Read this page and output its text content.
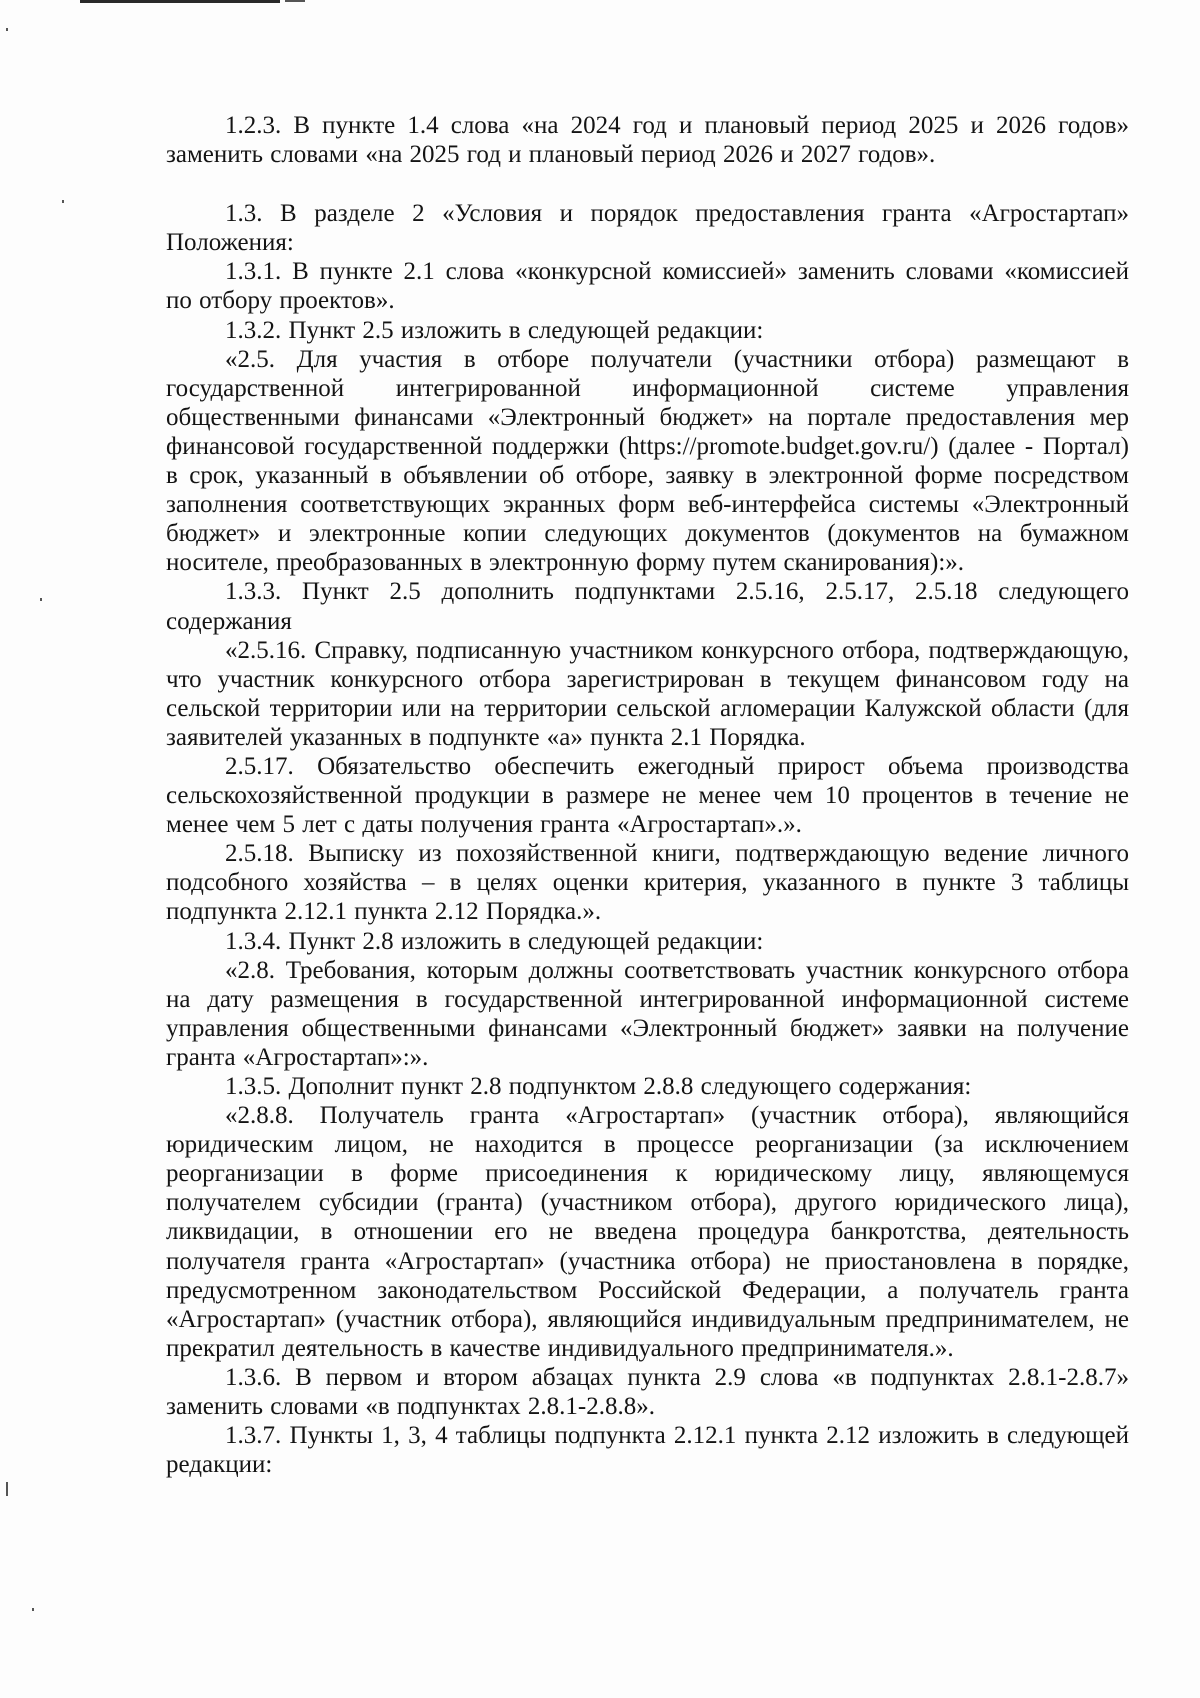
1.2.3. В пункте 1.4 слова «на 2024 год и плановый период 2025 и 2026 годов» заменить словами «на 2025 год и плановый период 2026 и 2027 годов».

1.3. В разделе 2 «Условия и порядок предоставления гранта «Агростартап» Положения:

1.3.1. В пункте 2.1 слова «конкурсной комиссией» заменить словами «комиссией по отбору проектов».

1.3.2. Пункт 2.5 изложить в следующей редакции:

«2.5. Для участия в отборе получатели (участники отбора) размещают в государственной интегрированной информационной системе управления общественными финансами «Электронный бюджет» на портале предоставления мер финансовой государственной поддержки (https://promote.budget.gov.ru/) (далее - Портал) в срок, указанный в объявлении об отборе, заявку в электронной форме посредством заполнения соответствующих экранных форм веб-интерфейса системы «Электронный бюджет» и электронные копии следующих документов (документов на бумажном носителе, преобразованных в электронную форму путем сканирования):».

1.3.3. Пункт 2.5 дополнить подпунктами 2.5.16, 2.5.17, 2.5.18 следующего содержания

«2.5.16. Справку, подписанную участником конкурсного отбора, подтверждающую, что участник конкурсного отбора зарегистрирован в текущем финансовом году на сельской территории или на территории сельской агломерации Калужской области (для заявителей указанных в подпункте «а» пункта 2.1 Порядка.

2.5.17. Обязательство обеспечить ежегодный прирост объема производства сельскохозяйственной продукции в размере не менее чем 10 процентов в течение не менее чем 5 лет с даты получения гранта «Агростартап».».

2.5.18. Выписку из похозяйственной книги, подтверждающую ведение личного подсобного хозяйства – в целях оценки критерия, указанного в пункте 3 таблицы подпункта 2.12.1 пункта 2.12 Порядка.».

1.3.4. Пункт 2.8 изложить в следующей редакции:

«2.8. Требования, которым должны соответствовать участник конкурсного отбора на дату размещения в государственной интегрированной информационной системе управления общественными финансами «Электронный бюджет» заявки на получение гранта «Агростартап»:».

1.3.5. Дополнит пункт 2.8 подпунктом 2.8.8 следующего содержания:

«2.8.8. Получатель гранта «Агростартап» (участник отбора), являющийся юридическим лицом, не находится в процессе реорганизации (за исключением реорганизации в форме присоединения к юридическому лицу, являющемуся получателем субсидии (гранта) (участником отбора), другого юридического лица), ликвидации, в отношении его не введена процедура банкротства, деятельность получателя гранта «Агростартап» (участника отбора) не приостановлена в порядке, предусмотренном законодательством Российской Федерации, а получатель гранта «Агростартап» (участник отбора), являющийся индивидуальным предпринимателем, не прекратил деятельность в качестве индивидуального предпринимателя.».

1.3.6. В первом и втором абзацах пункта 2.9 слова «в подпунктах 2.8.1-2.8.7» заменить словами «в подпунктах 2.8.1-2.8.8».

1.3.7. Пункты 1, 3, 4 таблицы подпункта 2.12.1 пункта 2.12 изложить в следующей редакции:
